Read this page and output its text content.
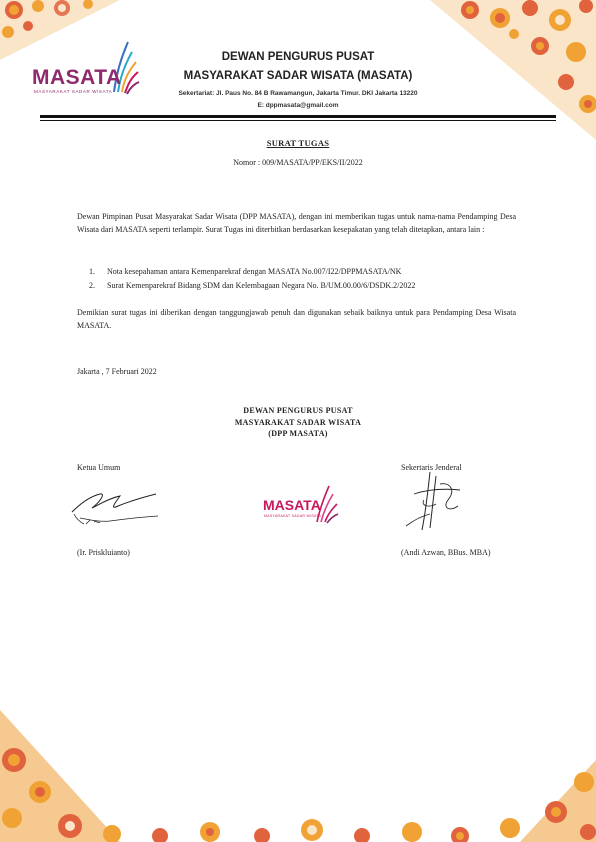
MASATA
MASYARAKAT SADAR WISATA
DEWAN PENGURUS PUSAT
MASYARAKAT SADAR WISATA (MASATA)
Sekertariat: Jl. Paus No. 84 B Rawamangun, Jakarta Timur. DKI Jakarta 13220
E: dppmasata@gmail.com
SURAT TUGAS
Nomor : 009/MASATA/PP/EKS/II/2022
Dewan Pimpinan Pusat Masyarakat Sadar Wisata (DPP MASATA), dengan ini memberikan tugas untuk nama-nama Pendamping Desa Wisata dari MASATA seperti terlampir. Surat Tugas ini diterbitkan berdasarkan kesepakatan yang telah ditetapkan, antara lain :
1.	Nota kesepahaman antara Kemenparekraf dengan MASATA No.007/I22/DPPMASATA/NK
2.	Surat Kemenparekraf Bidang SDM dan Kelembagaan Negara No. B/UM.00.00/6/DSDK.2/2022
Demikian surat tugas ini diberikan dengan tanggungjawab penuh dan digunakan sebaik baiknya untuk para Pendamping Desa Wisata MASATA.
Jakarta , 7 Februari 2022
DEWAN PENGURUS PUSAT
MASYARAKAT SADAR WISATA
(DPP MASATA)
Ketua Umum	Sekertaris Jenderal
MASATA
MASYARAKAT SADAR WISATA
(Ir. Priskluianto)	(Andi Azwan, BBus. MBA)
